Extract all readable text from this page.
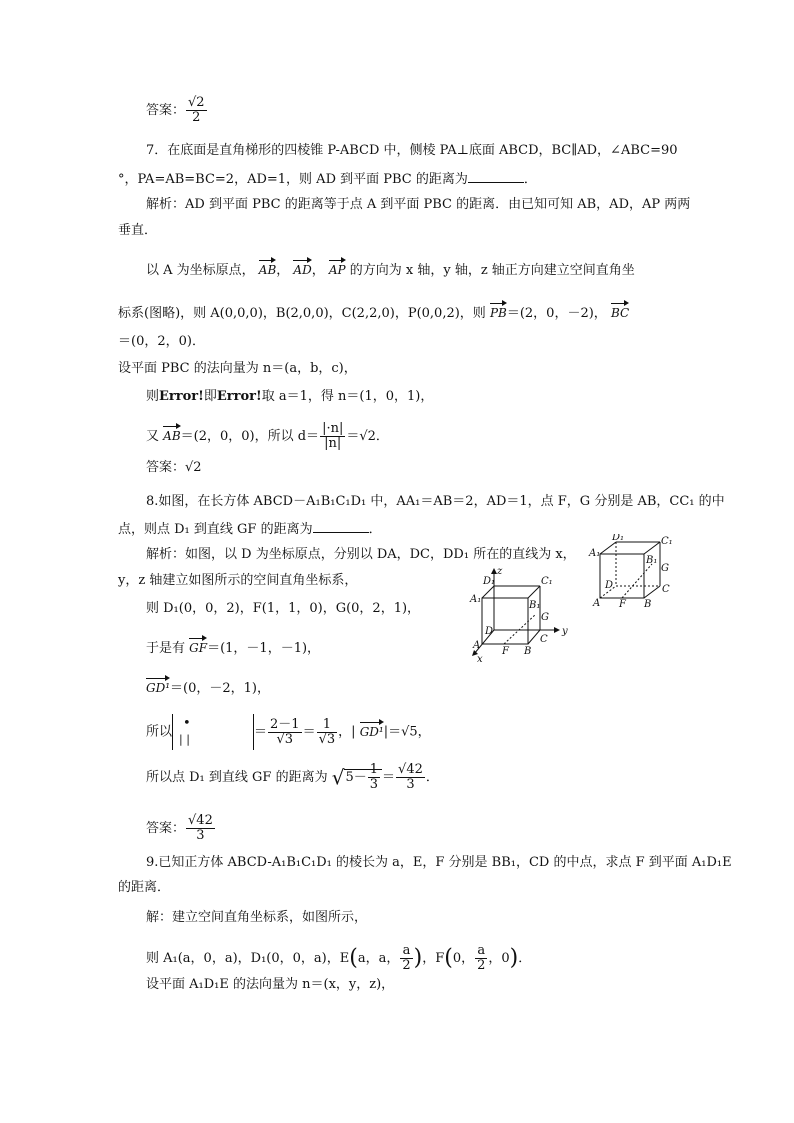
答案： $\frac{√2}{2}$
7．在底面是直角梯形的四棱锥 P-ABCD 中，侧棱 PA⊥底面 ABCD，BC∥AD，∠ABC=90
°，PA=AB=BC=2，AD=1，则 AD 到平面 PBC 的距离为	．
解析：AD 到平面 PBC 的距离等于点 A 到平面 PBC 的距离．由已知可知 AB，AD，AP 两两
垂直．
以 A 为坐标原点， AB， AD， AP 的方向为 x 轴，y 轴，z 轴正方向建立空间直角坐
标系(图略)，则 A(0,0,0)，B(2,0,0)，C(2,2,0)，P(0,0,2)，则 PB＝(2，0，－2)， BC
＝(0，2，0)．
设平面 PBC 的法向量为 n＝(a，b，c)，
则Error!即Error!取 a＝1，得 n＝(1，0，1)，
又 AB＝(2，0，0)，所以 $d= \frac{|\cdot n|}{|n|} =√2$．
答案：√2
8.如图，在长方体 ABCD－A₁B₁C₁D₁ 中，AA₁＝AB＝2，AD＝1，点 F，G 分别是 AB，CC₁ 的中
点，则点 D₁ 到直线 GF 的距离为	．
解析：如图，以 D 为坐标原点，分别以 DA，DC，DD₁ 所在的直线为 x，
y，z 轴建立如图所示的空间直角坐标系，
则 D₁(0，0，2)，F(1，1，0)，G(0，2，1)，
于是有 GF＝(1，－1，－1)，
GD¹＝(0，－2，1)，
所以
•
| |	＝ $\frac{2-1}{√3} = \frac{1}{√3}$ ，| GD¹|＝√5，
所以点 D₁ 到直线 GF 的距离为 $√5- \frac{1}{3} = \frac{√42}{3}$ ．
答案： $\frac{√42}{3}$
9.已知正方体 ABCD-A₁B₁C₁D₁ 的棱长为 a，E，F 分别是 BB₁，CD 的中点，求点 F 到平面 A₁D₁E
的距离．
解：建立空间直角坐标系，如图所示，
则 A₁(a，0，a)，D₁(0，0，a)，E(a，a， $\frac{a}{2}$ )，F(0， $\frac{a}{2}$ ，0)．
设平面 A₁D₁E 的法向量为 n＝(x，y，z)，
D₁	C₁
A₁
B₁
G
D	C
A F B
z
D₁	C₁
A₁
B₁
G
D	y
A
F B
C
x
